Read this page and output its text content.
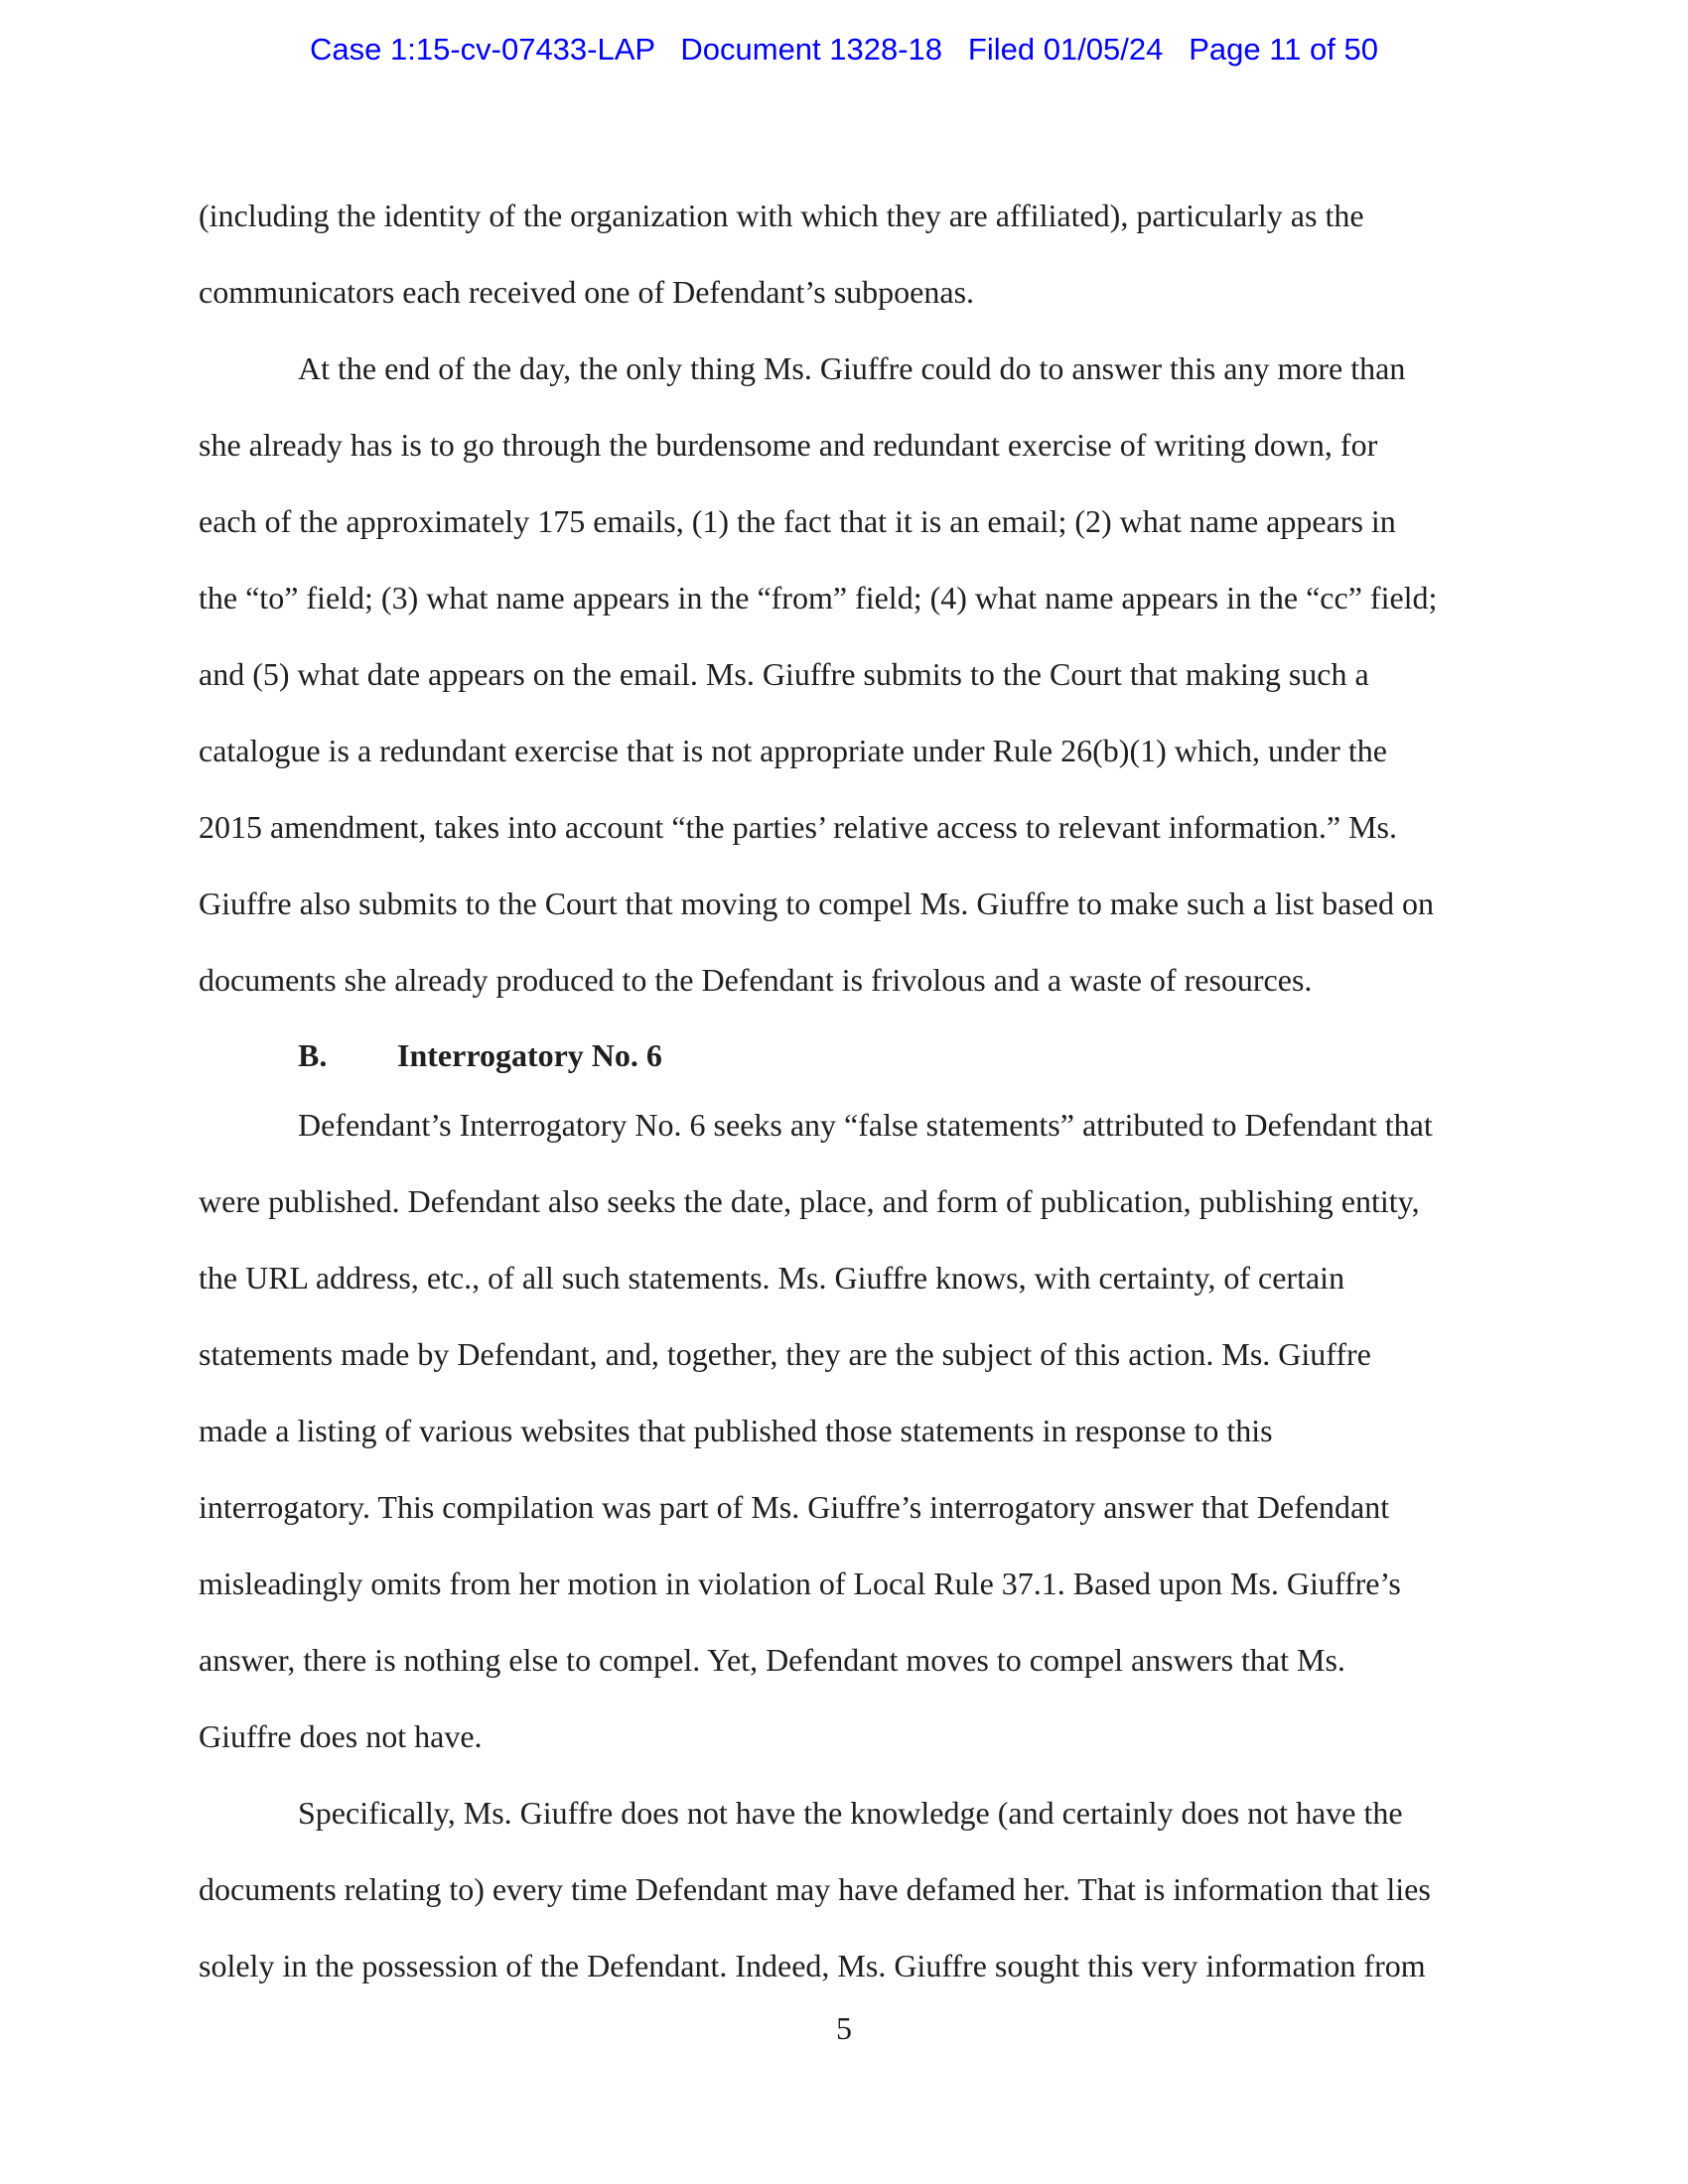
Case 1:15-cv-07433-LAP Document 1328-18 Filed 01/05/24 Page 11 of 50
(including the identity of the organization with which they are affiliated), particularly as the
communicators each received one of Defendant’s subpoenas.
At the end of the day, the only thing Ms. Giuffre could do to answer this any more than
she already has is to go through the burdensome and redundant exercise of writing down, for
each of the approximately 175 emails, (1) the fact that it is an email; (2) what name appears in
the “to” field; (3) what name appears in the “from” field; (4) what name appears in the “cc” field;
and (5) what date appears on the email. Ms. Giuffre submits to the Court that making such a
catalogue is a redundant exercise that is not appropriate under Rule 26(b)(1) which, under the
2015 amendment, takes into account “the parties’ relative access to relevant information.” Ms.
Giuffre also submits to the Court that moving to compel Ms. Giuffre to make such a list based on
documents she already produced to the Defendant is frivolous and a waste of resources.
B. Interrogatory No. 6
Defendant’s Interrogatory No. 6 seeks any “false statements” attributed to Defendant that
were published. Defendant also seeks the date, place, and form of publication, publishing entity,
the URL address, etc., of all such statements. Ms. Giuffre knows, with certainty, of certain
statements made by Defendant, and, together, they are the subject of this action. Ms. Giuffre
made a listing of various websites that published those statements in response to this
interrogatory. This compilation was part of Ms. Giuffre’s interrogatory answer that Defendant
misleadingly omits from her motion in violation of Local Rule 37.1. Based upon Ms. Giuffre’s
answer, there is nothing else to compel. Yet, Defendant moves to compel answers that Ms.
Giuffre does not have.
Specifically, Ms. Giuffre does not have the knowledge (and certainly does not have the
documents relating to) every time Defendant may have defamed her. That is information that lies
solely in the possession of the Defendant. Indeed, Ms. Giuffre sought this very information from
5
